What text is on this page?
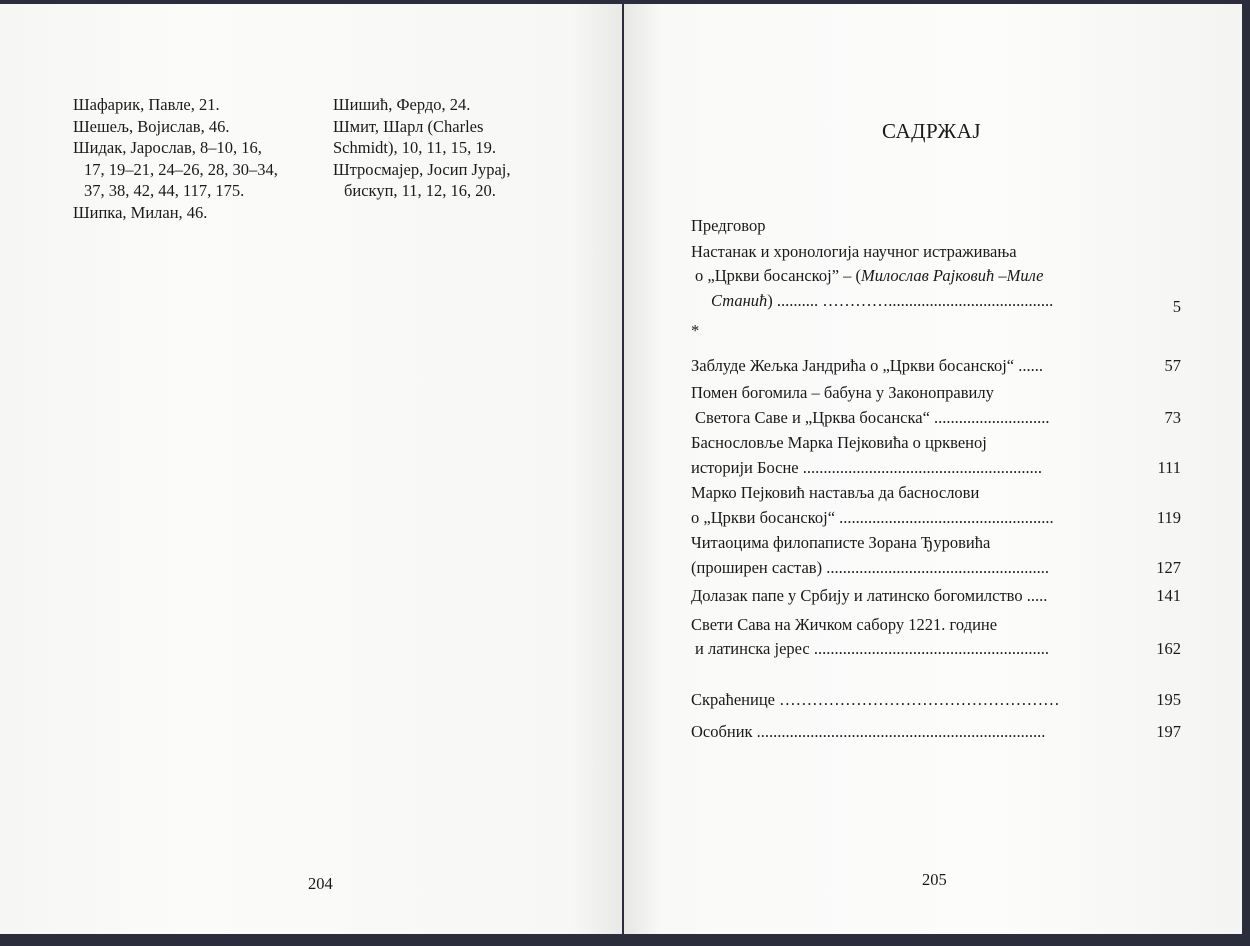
Шафарик, Павле, 21.
Шешељ, Војислав, 46.
Шидак, Јарослав, 8–10, 16,
17, 19–21, 24–26, 28, 30–34,
37, 38, 42, 44, 117, 175.
Шипка, Милан, 46.
Шишић, Фердо, 24.
Шмит, Шарл (Charles
Schmidt), 10, 11, 15, 19.
Штросмајер, Јосип Јурај,
бискуп, 11, 12, 16, 20.
204
САДРЖАЈ
Предговор
Настанак и хронологија научног истраживања
о „Цркви босанској” – (Милослав Рајковић –Миле
Станић) .......... …………........................................	5
*
Заблуде Жељка Јандрића о „Цркви босанској“ ......	57
Помен богомила – бабуна у Законоправилу
Светога Саве и „Црква босанска“ ............................	73
Баснословље Марка Пејковића о црквеној
историји Босне ..........................................................	111
Марко Пејковић наставља да баснослови
о „Цркви босанској“ ....................................................	119
Читаоцима филопаписте Зорана Ђуровића
(проширен састав) ......................................................	127
Долазак папе у Србију и латинско богомилство .....	141
Свети Сава на Жичком сабору 1221. године
и латинска јерес .........................................................	162
Скраћенице ……………………………………………	195
Особник ......................................................................	197
205
